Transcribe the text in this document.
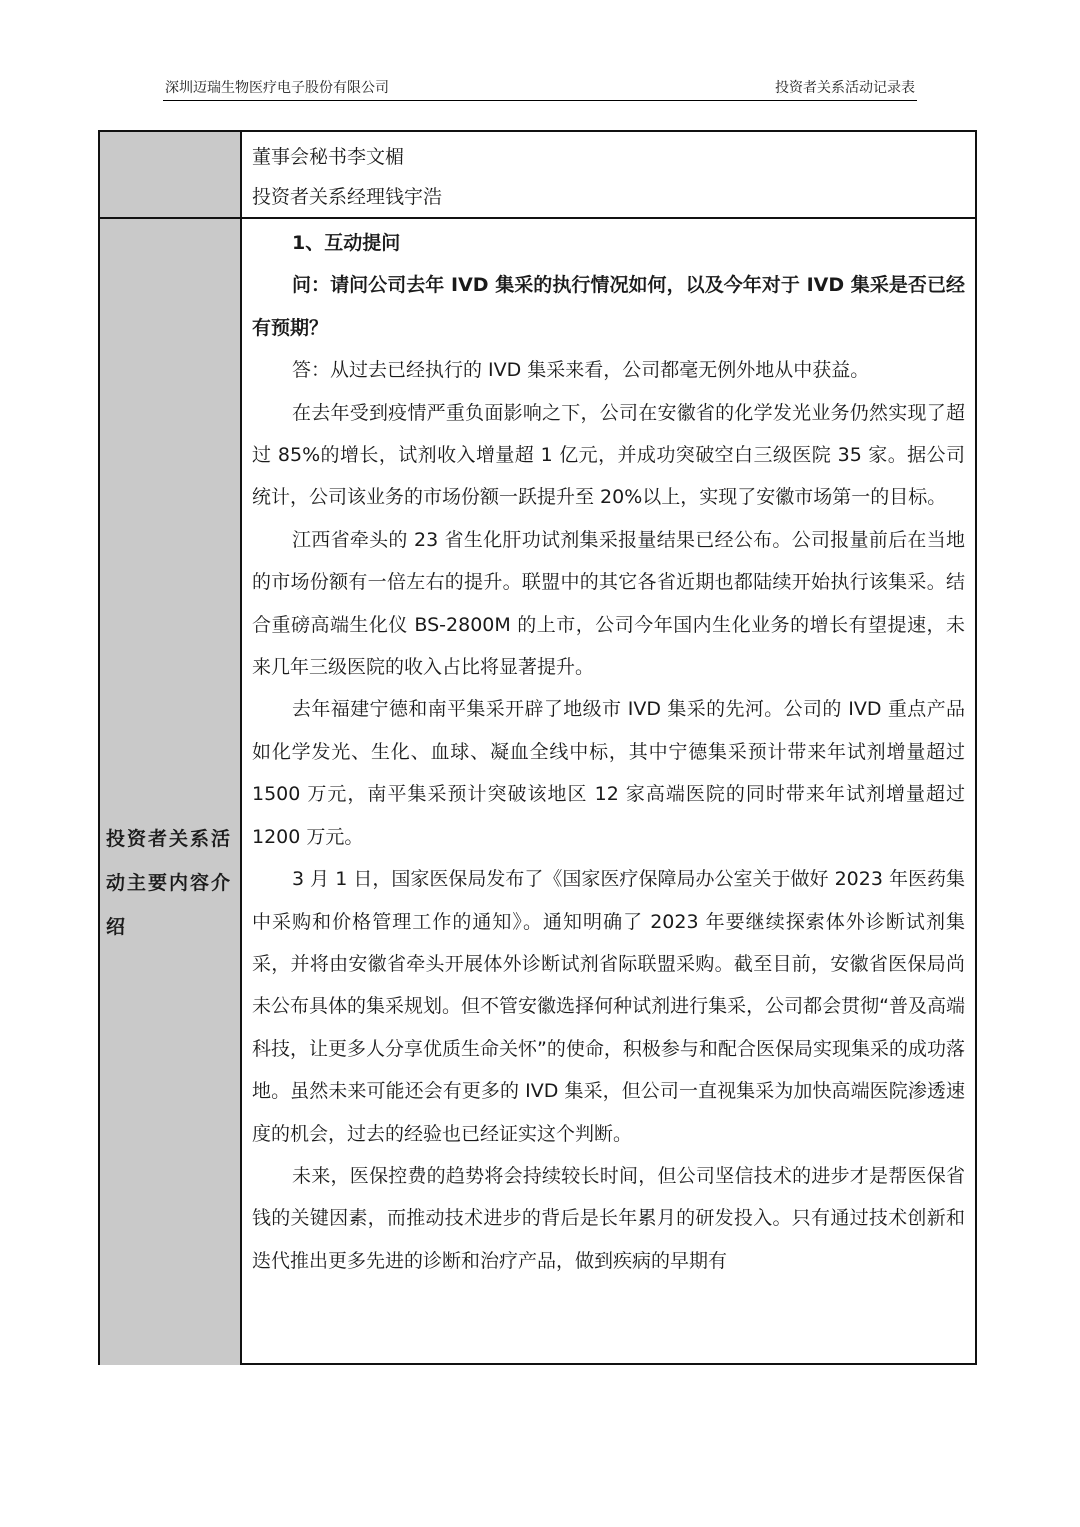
深圳迈瑞生物医疗电子股份有限公司	投资者关系活动记录表
投资者关系活动主要内容介绍

董事会秘书李文楣

投资者关系经理钱宇浩

1、互动提问

问：请问公司去年 IVD 集采的执行情况如何，以及今年对于 IVD 集采是否已经有预期？

答：从过去已经执行的 IVD 集采来看，公司都毫无例外地从中获益。

在去年受到疫情严重负面影响之下，公司在安徽省的化学发光业务仍然实现了超过 85%的增长，试剂收入增量超 1 亿元，并成功突破空白三级医院 35 家。据公司统计，公司该业务的市场份额一跃提升至 20%以上，实现了安徽市场第一的目标。

江西省牵头的 23 省生化肝功试剂集采报量结果已经公布。公司报量前后在当地的市场份额有一倍左右的提升。联盟中的其它各省近期也都陆续开始执行该集采。结合重磅高端生化仪 BS-2800M 的上市，公司今年国内生化业务的增长有望提速，未来几年三级医院的收入占比将显著提升。

去年福建宁德和南平集采开辟了地级市 IVD 集采的先河。公司的 IVD 重点产品如化学发光、生化、血球、凝血全线中标，其中宁德集采预计带来年试剂增量超过 1500 万元，南平集采预计突破该地区 12 家高端医院的同时带来年试剂增量超过 1200 万元。

3 月 1 日，国家医保局发布了《国家医疗保障局办公室关于做好 2023 年医药集中采购和价格管理工作的通知》。通知明确了 2023 年要继续探索体外诊断试剂集采，并将由安徽省牵头开展体外诊断试剂省际联盟采购。截至目前，安徽省医保局尚未公布具体的集采规划。但不管安徽选择何种试剂进行集采，公司都会贯彻“普及高端科技，让更多人分享优质生命关怀”的使命，积极参与和配合医保局实现集采的成功落地。虽然未来可能还会有更多的 IVD 集采，但公司一直视集采为加快高端医院渗透速度的机会，过去的经验也已经证实这个判断。

未来，医保控费的趋势将会持续较长时间，但公司坚信技术的进步才是帮医保省钱的关键因素，而推动技术进步的背后是长年累月的研发投入。只有通过技术创新和迭代推出更多先进的诊断和治疗产品，做到疾病的早期有
